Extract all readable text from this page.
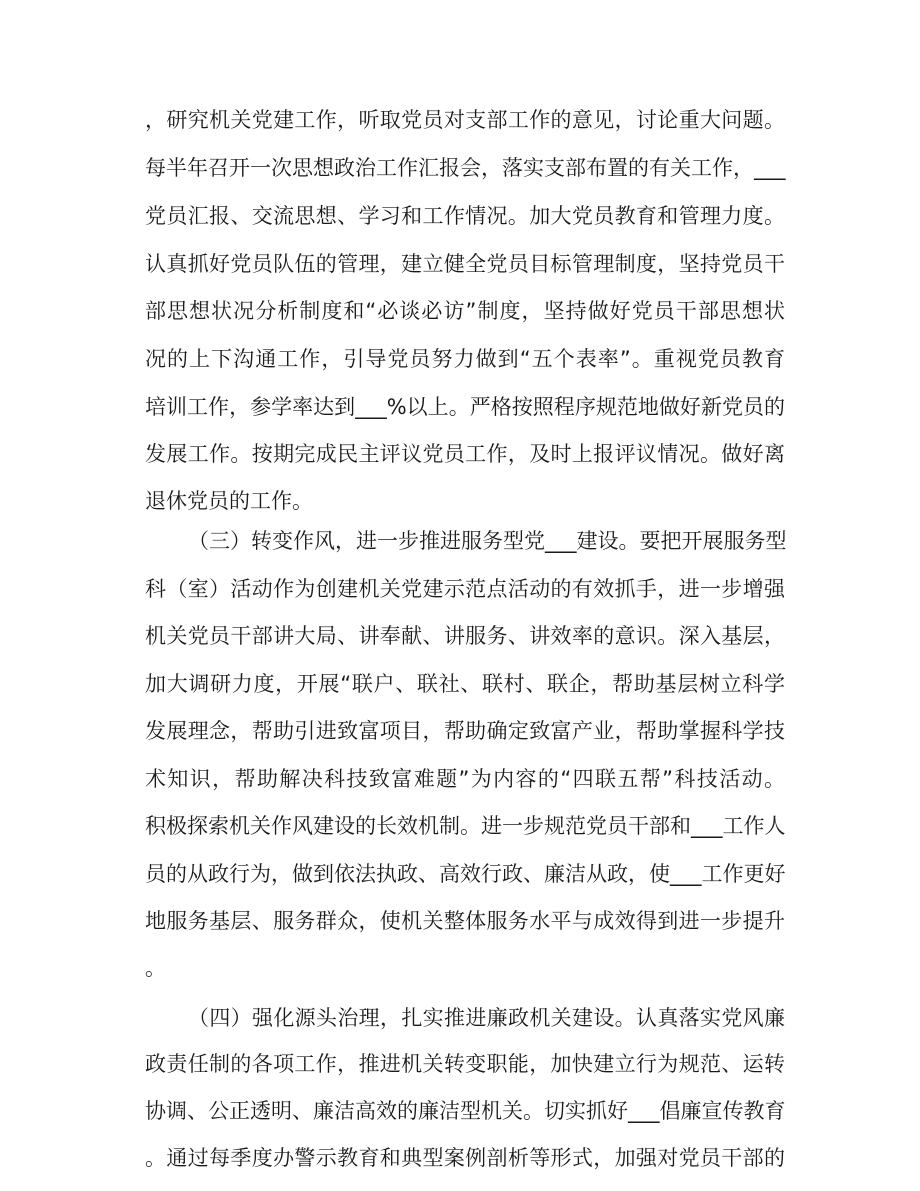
，研究机关党建工作，听取党员对支部工作的意见，讨论重大问题。
每半年召开一次思想政治工作汇报会，落实支部布置的有关工作，___
党员汇报、交流思想、学习和工作情况。加大党员教育和管理力度。
认真抓好党员队伍的管理，建立健全党员目标管理制度，坚持党员干
部思想状况分析制度和“必谈必访”制度，坚持做好党员干部思想状
况的上下沟通工作，引导党员努力做到“五个表率”。重视党员教育
培训工作，参学率达到___%以上。严格按照程序规范地做好新党员的
发展工作。按期完成民主评议党员工作，及时上报评议情况。做好离
退休党员的工作。
（三）转变作风，进一步推进服务型党___建设。要把开展服务型
科（室）活动作为创建机关党建示范点活动的有效抓手，进一步增强
机关党员干部讲大局、讲奉献、讲服务、讲效率的意识。深入基层，
加大调研力度，开展“联户、联社、联村、联企，帮助基层树立科学
发展理念，帮助引进致富项目，帮助确定致富产业，帮助掌握科学技
术知识，帮助解决科技致富难题”为内容的“四联五帮”科技活动。
积极探索机关作风建设的长效机制。进一步规范党员干部和___工作人
员的从政行为，做到依法执政、高效行政、廉洁从政，使___工作更好
地服务基层、服务群众，使机关整体服务水平与成效得到进一步提升
。
（四）强化源头治理，扎实推进廉政机关建设。认真落实党风廉
政责任制的各项工作，推进机关转变职能，加快建立行为规范、运转
协调、公正透明、廉洁高效的廉洁型机关。切实抓好___倡廉宣传教育
。通过每季度办警示教育和典型案例剖析等形式，加强对党员干部的
